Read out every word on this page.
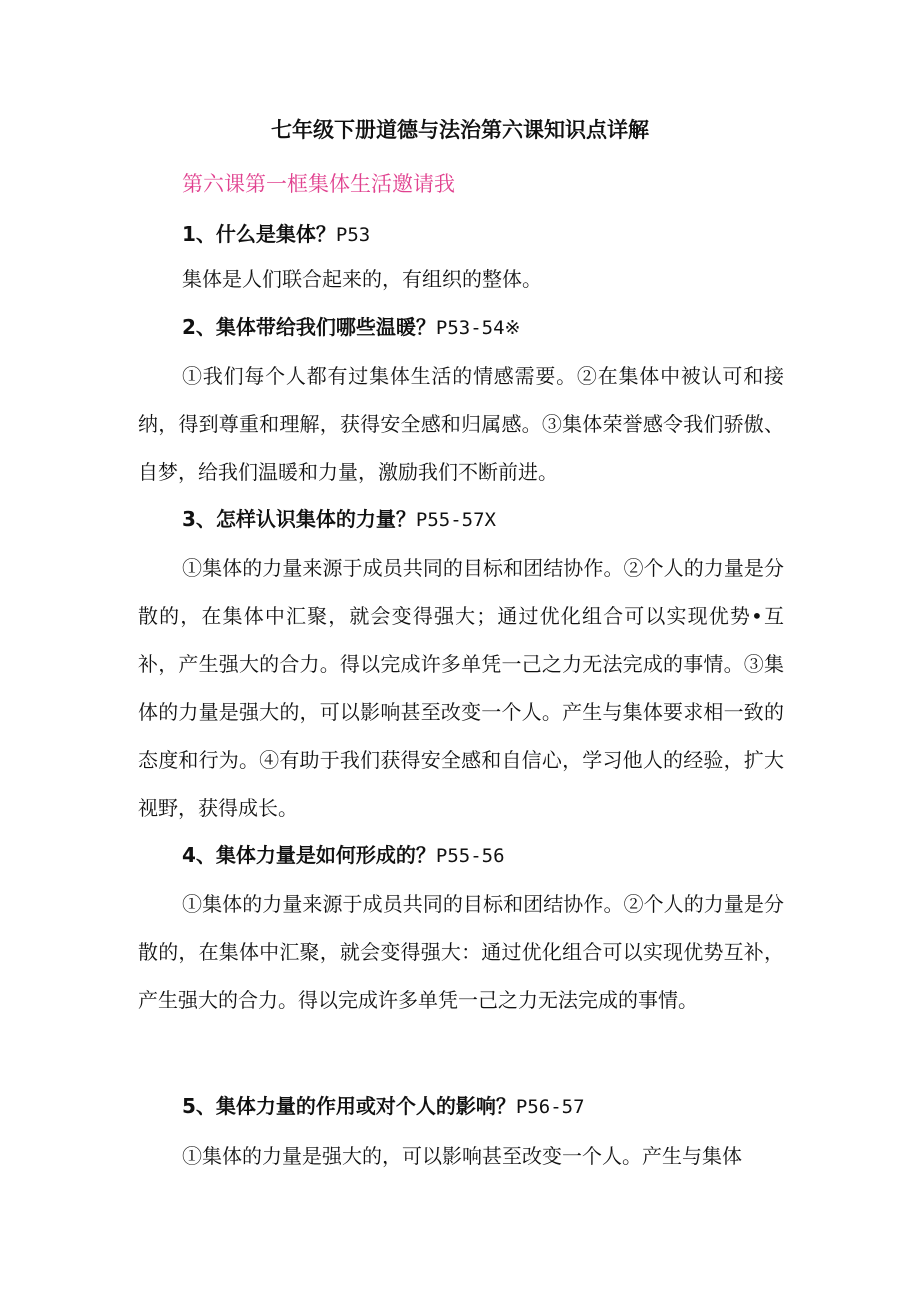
七年级下册道德与法治第六课知识点详解
第六课第一框集体生活邀请我
1、什么是集体？P53
集体是人们联合起来的，有组织的整体。
2、集体带给我们哪些温暖？P53-54※
①我们每个人都有过集体生活的情感需要。②在集体中被认可和接纳，得到尊重和理解，获得安全感和归属感。③集体荣誉感令我们骄傲、自梦，给我们温暖和力量，激励我们不断前进。
3、怎样认识集体的力量？P55-57X
①集体的力量来源于成员共同的目标和团结协作。②个人的力量是分散的，在集体中汇聚，就会变得强大；通过优化组合可以实现优势•互补，产生强大的合力。得以完成许多单凭一己之力无法完成的事情。③集体的力量是强大的，可以影响甚至改变一个人。产生与集体要求相一致的态度和行为。④有助于我们获得安全感和自信心，学习他人的经验，扩大视野，获得成长。
4、集体力量是如何形成的？P55-56
①集体的力量来源于成员共同的目标和团结协作。②个人的力量是分散的，在集体中汇聚，就会变得强大：通过优化组合可以实现优势互补，产生强大的合力。得以完成许多单凭一己之力无法完成的事情。
5、集体力量的作用或对个人的影响？P56-57
①集体的力量是强大的，可以影响甚至改变一个人。产生与集体
